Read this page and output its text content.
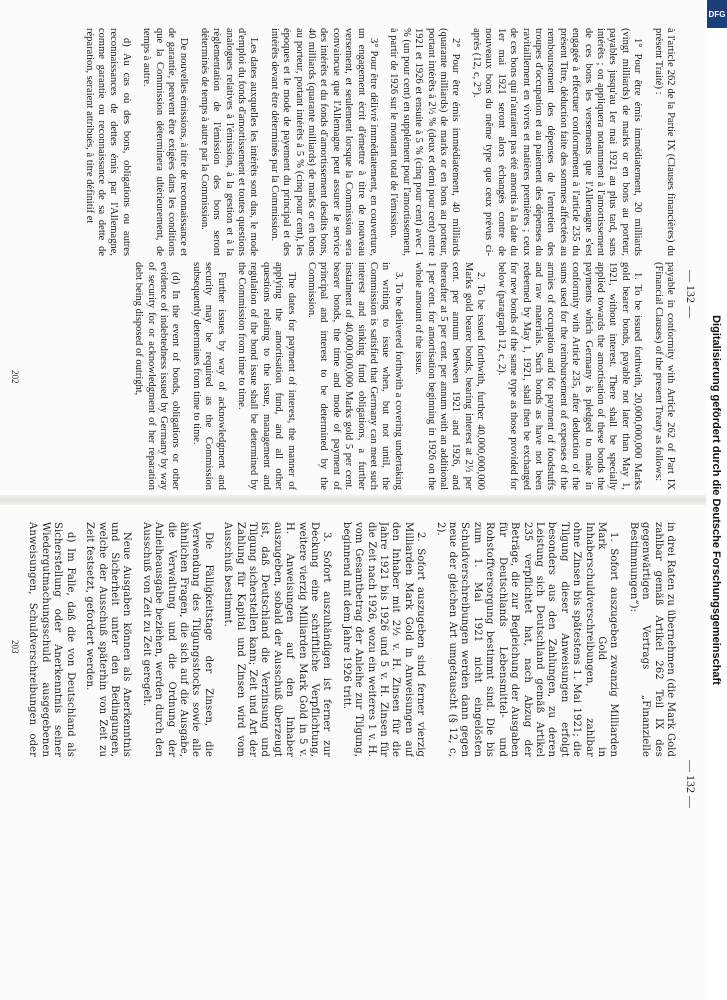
— 132 —

à l'article 262 de la Partie IX (Clauses financières) du présent Traité) :

1° Pour être émis immédiatement, 20 milliards (vingt milliards) de marks or en bons au porteur, payables jusqu'au 1er mai 1921 au plus tard, sans intérêts ; on appliquera notamment à l'amortissement de ces bons les versements que l'Allemagne s'est engagée à effectuer conformément à l'article 235 du présent Titre, déduction faite des sommes affectées au remboursement des dépenses de l'entretien des troupes d'occupation et au paiement des dépenses du ravitaillement en vivres et matières premières ; ceux de ces bons qui n'auraient pas été amortis à la date du 1er mai 1921 seront alors échangés contre de nouveaux bons du même type que ceux prévus ci-après (12, c, 2°).

2° Pour être émis immédiatement, 40 milliards (quarante milliards) de marks or en bons au porteur, portant intérêts à 2½ % (deux et demi pour cent) entre 1921 et 1926 et ensuite à 5 % (cinq pour cent) avec 1 % (un pour cent) en supplément pour l'amortissement, à partir de 1926 sur le montant total de l'émission.

3° Pour être délivré immédiatement, en couverture, un engagement écrit d'émettre à titre de nouveau versement, et seulement lorsque la Commission sera convaincue que l'Allemagne peut assurer le service des intérêts et du fonds d'amortissement desdits bons, 40 milliards (quarante milliards) de marks or en bons au porteur, portant intérêts à 5 % (cinq pour cent), les époques et le mode de payement du principal et des intérêts devant être déterminés par la Commission.

Les dates auxquelles les intérêts sont dus, le mode d'emploi du fonds d'amortissement et toutes questions analogues relatives à l'émission, à la gestion et à la réglementation de l'émission des bons seront déterminés de temps à autre par la Commission.

De nouvelles émissions, à titre de reconnaissance et de garantie, peuvent être exigées dans les conditions que la Commission déterminera ultérieurement, de temps à autre.

d) Au cas où des bons, obligations ou autres reconnaissances de dettes émis par l'Allemagne, comme garantie ou reconnaissance de sa dette de réparation, seraient attribués, à titre définitif et

payable in conformity with Article 262 of Part IX (Financial Clauses) of the present Treaty as follows:

1. To be issued forthwith, 20,000,000,000 Marks gold bearer bonds, payable not later than May 1, 1921, without interest. There shall be specially applied towards the amortisation of these bonds the payments which Germany is pledged to make in conformity with Article 235, after deduction of the sums used for the reimbursement of expenses of the armies of occupation and for payment of foodstuffs and raw materials. Such bonds as have not been redeemed by May 1, 1921, shall then be exchanged for new bonds of the same type as those provided for below (paragraph 12, c, 2).

2. To be issued forthwith, further 40,000,000,000 Marks gold bearer bonds, bearing interest at 2½ per cent. per annum between 1921 and 1926, and thereafter at 5 per cent. per annum with an additional 1 per cent. for amortisation beginning in 1926 on the whole amount of the issue.

3. To be delivered forthwith a covering undertaking in writing to issue when, but not until, the Commission is satisfied that Germany can meet such interest and sinking fund obligations, a further instalment of 40,000,000,000 Marks gold 5 per cent. bearer bonds, the time and mode of payment of principal and interest to be determined by the Commission.

The dates for payment of interest, the manner of applying the amortisation fund, and all other questions relating to the issue, management and regulation of the bond issue shall be determined by the Commission from time to time.

Further issues by way of acknowledgment and security may be required as the Commission subsequently determines from time to time.

(d) In the event of bonds, obligations or other evidence of indebtedness issued by Germany by way of security for or acknowledgment of her reparation debt being disposed of outright,

202
— 132 —

in drei Raten zu übernehmen (die Mark Gold zahlbar gemäß Artikel 262 Teil IX des gegenwärtigen Vertrags „Finanzielle Bestimmungen“):

1. Sofort auszugeben zwanzig Milliarden Mark Gold in Inhaberschuldverschreibungen, zahlbar ohne Zinsen bis spätestens 1. Mai 1921; die Tilgung dieser Anweisungen erfolgt besonders aus den Zahlungen, zu deren Leistung sich Deutschland gemäß Artikel 235 verpflichtet hat, nach Abzug der Beträge, die zur Begleichung der Ausgaben für Deutschlands Lebensmittel- und Rohstoffversorgung bestimmt sind. Die bis zum 1. Mai 1921 nicht eingelösten Schuldverschreibungen werden dann gegen neue der gleichen Art umgetauscht (§ 12, c, 2).

2. Sofort auszugeben sind ferner vierzig Milliarden Mark Gold in Anweisungen auf den Inhaber mit 2½ v. H. Zinsen für die Jahre 1921 bis 1926 und 5 v. H. Zinsen für die Zeit nach 1926, wozu ein weiteres 1 v. H. vom Gesamtbetrag der Anleihe zur Tilgung, beginnend mit dem Jahre 1926 tritt.

3. Sofort auszuhändigen ist ferner zur Deckung eine schriftliche Verpflichtung, weitere vierzig Milliarden Mark Gold in 5 v. H. Anweisungen auf den Inhaber auszugeben, sobald der Ausschuß überzeugt ist, daß Deutschland die Verzinsung und Tilgung sicherstellen kann; Zeit und Art der Zahlung für Kapital und Zinsen wird vom Ausschuß bestimmt.

Die Fälligkeitstage der Zinsen, die Verwendung des Tilgungsstocks sowie alle ähnlichen Fragen, die sich auf die Ausgabe, die Verwaltung und die Ordnung der Anleiheausgabe beziehen, werden durch den Ausschuß von Zeit zu Zeit geregelt.

Neue Ausgaben können als Anerkenntnis und Sicherheit unter den Bedingungen, welche der Ausschuß späterhin von Zeit zu Zeit festsetzt, gefordert werden.

d) Im Falle, daß die von Deutschland als Sicherstellung oder Anerkenntnis seiner Wiedergutmachungsschuld ausgegebenen Anweisungen, Schuldverschreibungen oder

203
DFG
Digitalisierung gefördert durch die Deutsche Forschungsgemeinschaft
